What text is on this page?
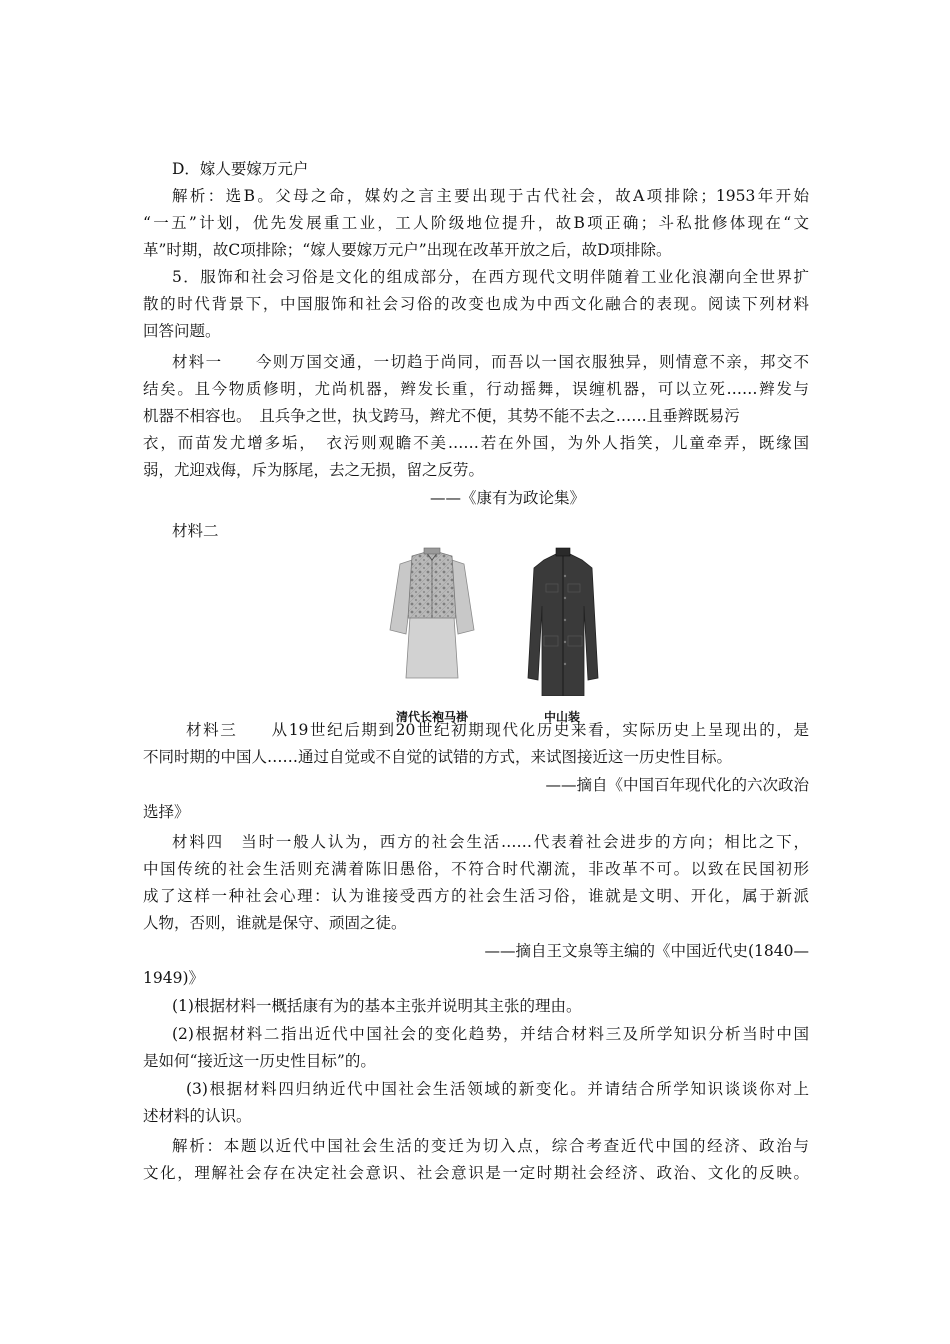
D．嫁人要嫁万元户
解析：选B。父母之命，媒妁之言主要出现于古代社会，故A项排除；1953年开始
“一五”计划，优先发展重工业，工人阶级地位提升，故B项正确；斗私批修体现在“文
革”时期，故C项排除；“嫁人要嫁万元户”出现在改革开放之后，故D项排除。
5．服饰和社会习俗是文化的组成部分，在西方现代文明伴随着工业化浪潮向全世界扩
散的时代背景下，中国服饰和社会习俗的改变也成为中西文化融合的表现。阅读下列材料
回答问题。
材料一　　今则万国交通，一切趋于尚同，而吾以一国衣服独异，则情意不亲，邦交不
结矣。且今物质修明，尤尚机器，辫发长重，行动摇舞，误缠机器，可以立死……辫发与
机器不相容也。　且兵争之世，执戈跨马，辫尤不便，其势不能不去之……且垂辫既易污
衣，而苗发尤增多垢，　衣污则观瞻不美……若在外国，为外人指笑，儿童牵弄，既缘国
弱，尤迎戏侮，斥为豚尾，去之无损，留之反劳。
——《康有为政论集》
材料二
清代长袍马褂	中山装
材料三　　从19世纪后期到20世纪初期现代化历史来看，实际历史上呈现出的，是
不同时期的中国人……通过自觉或不自觉的试错的方式，来试图接近这一历史性目标。
——摘自《中国百年现代化的六次政治
选择》
材料四　当时一般人认为，西方的社会生活……代表着社会进步的方向；相比之下，
中国传统的社会生活则充满着陈旧愚俗，不符合时代潮流，非改革不可。以致在民国初形
成了这样一种社会心理：认为谁接受西方的社会生活习俗，谁就是文明、开化，属于新派
人物，否则，谁就是保守、顽固之徒。
——摘自王文泉等主编的《中国近代史(1840—
1949)》
(1)根据材料一概括康有为的基本主张并说明其主张的理由。
(2)根据材料二指出近代中国社会的变化趋势，并结合材料三及所学知识分析当时中国
是如何“接近这一历史性目标”的。
(3)根据材料四归纳近代中国社会生活领域的新变化。并请结合所学知识谈谈你对上
述材料的认识。
解析：本题以近代中国社会生活的变迁为切入点，综合考查近代中国的经济、政治与
文化，理解社会存在决定社会意识、社会意识是一定时期社会经济、政治、文化的反映。
